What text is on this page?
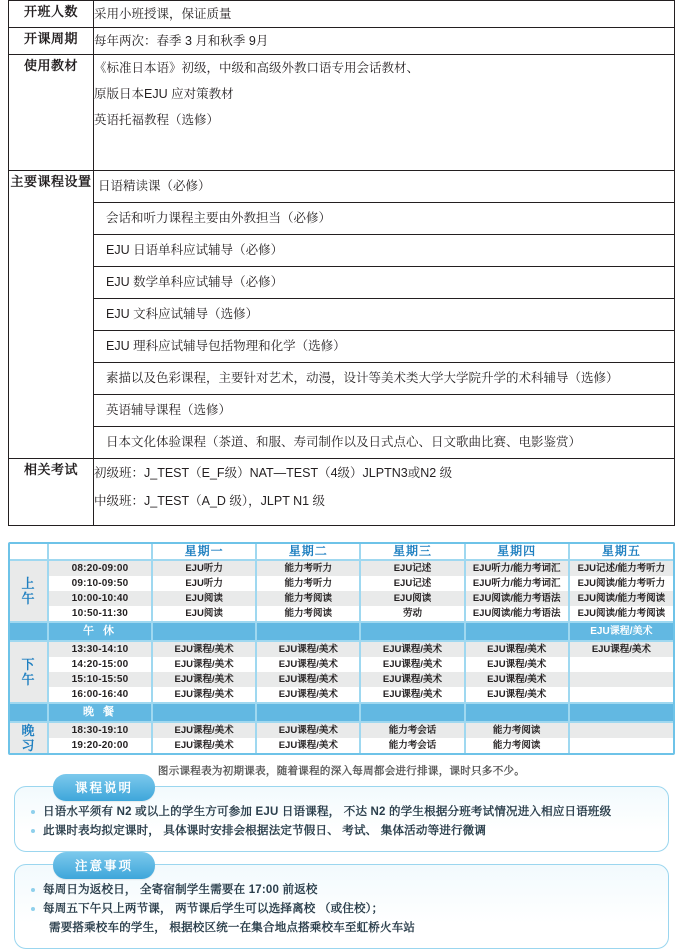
开班人数	采用小班授课，保证质量

开课周期	每年两次：春季 3 月和秋季 9月

使用教材	《标准日本语》初级，中级和高级外教口语专用会话教材、
原版日本EJU 应对策教材
英语托福教程（选修）

主要课程设置	日语精读课（必修）
会话和听力课程主要由外教担当（必修）
EJU 日语单科应试辅导（必修）
EJU 数学单科应试辅导（必修）
EJU 文科应试辅导（选修）
EJU 理科应试辅导包括物理和化学（选修）
素描以及色彩课程，主要针对艺术，动漫，设计等美术类大学大学院升学的术科辅导（选修）
英语辅导课程（选修）
日本文化体验课程（茶道、和服、寿司制作以及日式点心、日文歌曲比赛、电影鉴赏）

相关考试	初级班：J_TEST（E_F级）NAT—TEST（4级）JLPTN3或N2 级
中级班：J_TEST（A_D 级），JLPT N1 级
		星期一	星期二	星期三	星期四	星期五
上
午	08:20-09:00	EJU听力	能力考听力	EJU记述	EJU听力/能力考词汇	EJU记述/能力考听力
	09:10-09:50	EJU听力	能力考听力	EJU记述	EJU听力/能力考词汇	EJU阅读/能力考听力
	10:00-10:40	EJU阅读	能力考阅读	EJU阅读	EJU阅读/能力考语法	EJU阅读/能力考阅读
	10:50-11:30	EJU阅读	能力考阅读	劳动	EJU阅读/能力考语法	EJU阅读/能力考阅读
	午 休					EJU课程/美术
下
午	13:30-14:10	EJU课程/美术	EJU课程/美术	EJU课程/美术	EJU课程/美术	EJU课程/美术
	14:20-15:00	EJU课程/美术	EJU课程/美术	EJU课程/美术	EJU课程/美术	
	15:10-15:50	EJU课程/美术	EJU课程/美术	EJU课程/美术	EJU课程/美术	
	16:00-16:40	EJU课程/美术	EJU课程/美术	EJU课程/美术	EJU课程/美术	
	晚 餐					
晚
习	18:30-19:10	EJU课程/美术	EJU课程/美术	能力考会话	能力考阅读	
	19:20-20:00	EJU课程/美术	EJU课程/美术	能力考会话	能力考阅读	
图示课程表为初期课表，随着课程的深入每周都会进行排课，课时只多不少。
课程说明
日语水平须有 N2 或以上的学生方可参加 EJU 日语课程， 不达 N2 的学生根据分班考试情况进入相应日语班级
此课时表均拟定课时， 具体课时安排会根据法定节假日、 考试、 集体活动等进行微调
注意事项
每周日为返校日， 全寄宿制学生需要在 17:00 前返校
每周五下午只上两节课， 两节课后学生可以选择离校 （或住校）；
需要搭乘校车的学生， 根据校区统一在集合地点搭乘校车至虹桥火车站
